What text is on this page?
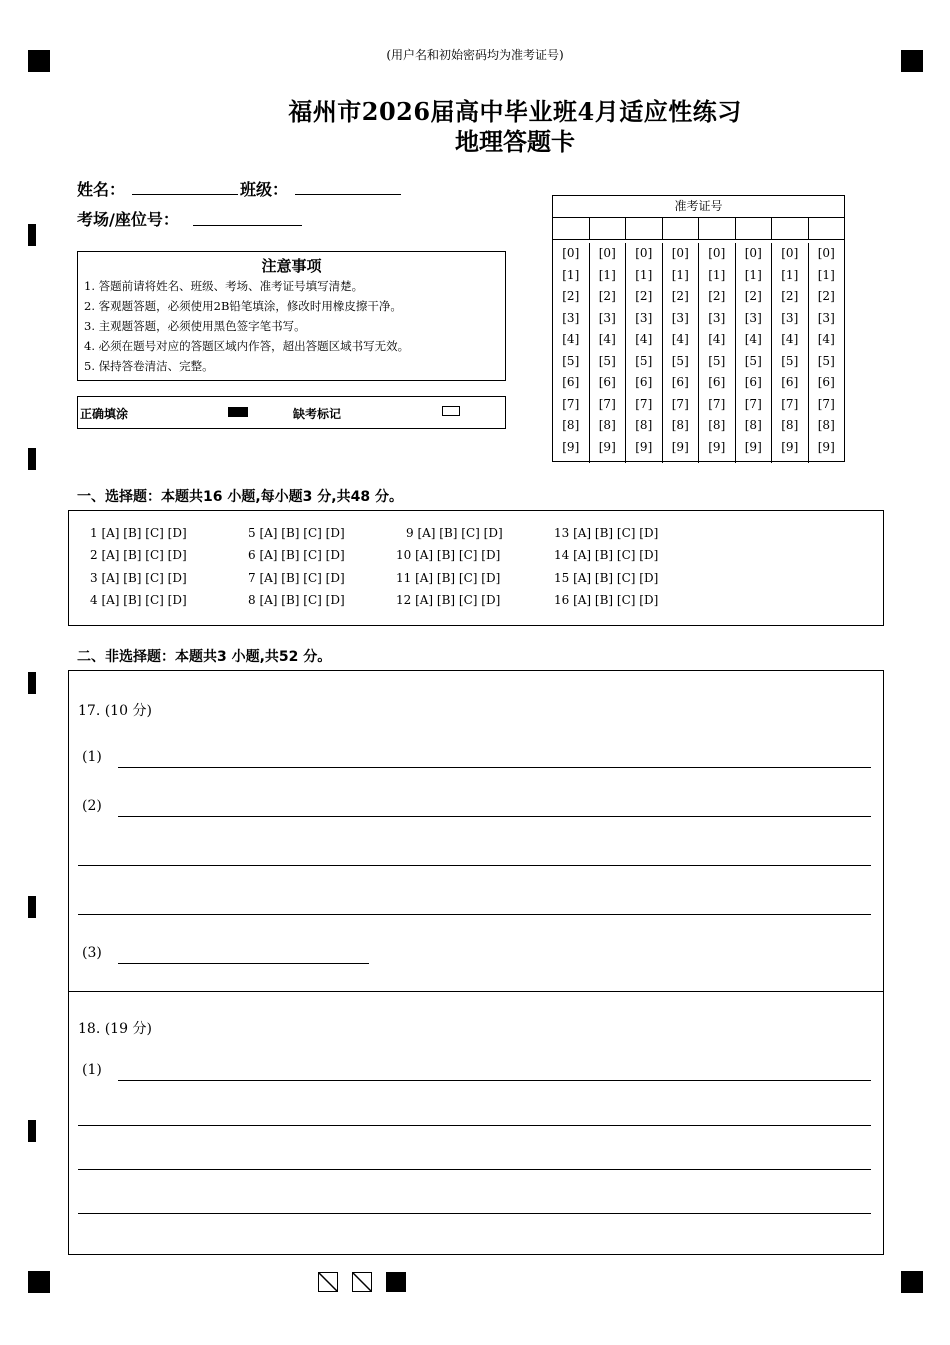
(用户名和初始密码均为准考证号)
福州市2026届高中毕业班4月适应性练习
地理答题卡
姓名：	班级：
考场/座位号：
注意事项
1. 答题前请将姓名、班级、考场、准考证号填写清楚。
2. 客观题答题，必须使用2B铅笔填涂，修改时用橡皮擦干净。
3. 主观题答题，必须使用黑色签字笔书写。
4. 必须在题号对应的答题区域内作答，超出答题区域书写无效。
5. 保持答卷清洁、完整。
正确填涂	缺考标记
准考证号
[0]
[1]
[2]
[3]
[4]
[5]
[6]
[7]
[8]
[9]
[0]
[1]
[2]
[3]
[4]
[5]
[6]
[7]
[8]
[9]
[0]
[1]
[2]
[3]
[4]
[5]
[6]
[7]
[8]
[9]
[0]
[1]
[2]
[3]
[4]
[5]
[6]
[7]
[8]
[9]
[0]
[1]
[2]
[3]
[4]
[5]
[6]
[7]
[8]
[9]
[0]
[1]
[2]
[3]
[4]
[5]
[6]
[7]
[8]
[9]
[0]
[1]
[2]
[3]
[4]
[5]
[6]
[7]
[8]
[9]
[0]
[1]
[2]
[3]
[4]
[5]
[6]
[7]
[8]
[9]
一、选择题：本题共16 小题,每小题3 分,共48 分。
1 [A] [B] [C] [D]
2 [A] [B] [C] [D]
3 [A] [B] [C] [D]
4 [A] [B] [C] [D]
5 [A] [B] [C] [D]
6 [A] [B] [C] [D]
7 [A] [B] [C] [D]
8 [A] [B] [C] [D]
9 [A] [B] [C] [D]
10 [A] [B] [C] [D]
11 [A] [B] [C] [D]
12 [A] [B] [C] [D]
13 [A] [B] [C] [D]
14 [A] [B] [C] [D]
15 [A] [B] [C] [D]
16 [A] [B] [C] [D]
二、非选择题：本题共3 小题,共52 分。
17. (10 分)
(1)
(2)
(3)
18. (19 分)
(1)
